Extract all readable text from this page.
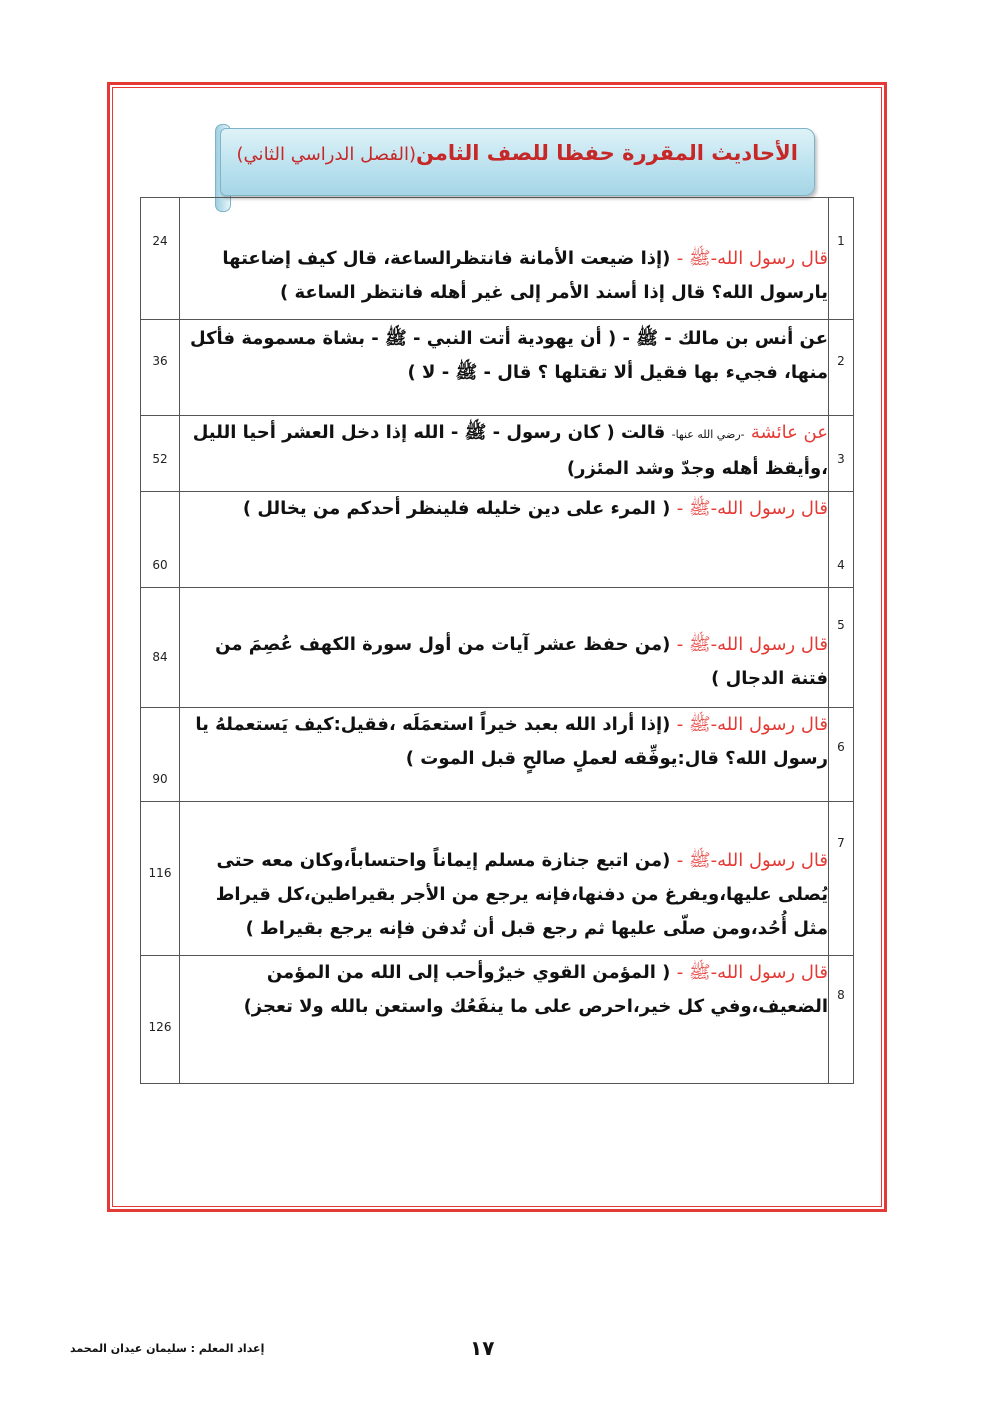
الأحاديث المقررة حفظا للصف الثامن(الفصل الدراسي الثاني)
24	قال رسول الله-ﷺ - (إذا ضيعت الأمانة فانتظرالساعة، قال كيف إضاعتها يارسول الله؟ قال إذا أسند الأمر إلى غير أهله فانتظر الساعة )	1

36	عن أنس بن مالك - ﷺ - ( أن يهودية أتت النبي - ﷺ - بشاة مسمومة فأكل منها، فجيء بها فقيل ألا تقتلها ؟ قال - ﷺ - لا )	2

52	عن عائشة -رضي الله عنها- قالت ( كان رسول - ﷺ - الله إذا دخل العشر أحيا الليل ،وأيقظ أهله وجدّ وشد المئزر)	3

60	قال رسول الله-ﷺ - ( المرء على دين خليله فلينظر أحدكم من يخالل )	4

84	قال رسول الله-ﷺ - (من حفظ عشر آيات من أول سورة الكهف عُصِمَ من فتنة الدجال )	5

90	قال رسول الله-ﷺ - (إذا أراد الله بعبد خيراً استعمَلَه ،فقيل:كيف يَستعملهُ يا رسول الله؟ قال:يوفِّقه لعملٍ صالحٍ قبل الموت )	6

116	قال رسول الله-ﷺ - (من اتبع جنازة مسلم إيماناً واحتساباً،وكان معه حتى يُصلى عليها،ويفرغ من دفنها،فإنه يرجع من الأجر بقيراطين،كل قيراط مثل أُحُد،ومن صلّى عليها ثم رجع قبل أن تُدفن فإنه يرجع بقيراط )	7

126	قال رسول الله-ﷺ - ( المؤمن القوي خيرٌوأحب إلى الله من المؤمن الضعيف،وفي كل خير،احرص على ما ينفَعُك واستعن بالله ولا تعجز)	8
١٧
إعداد المعلم : سليمان عيدان المحمد
